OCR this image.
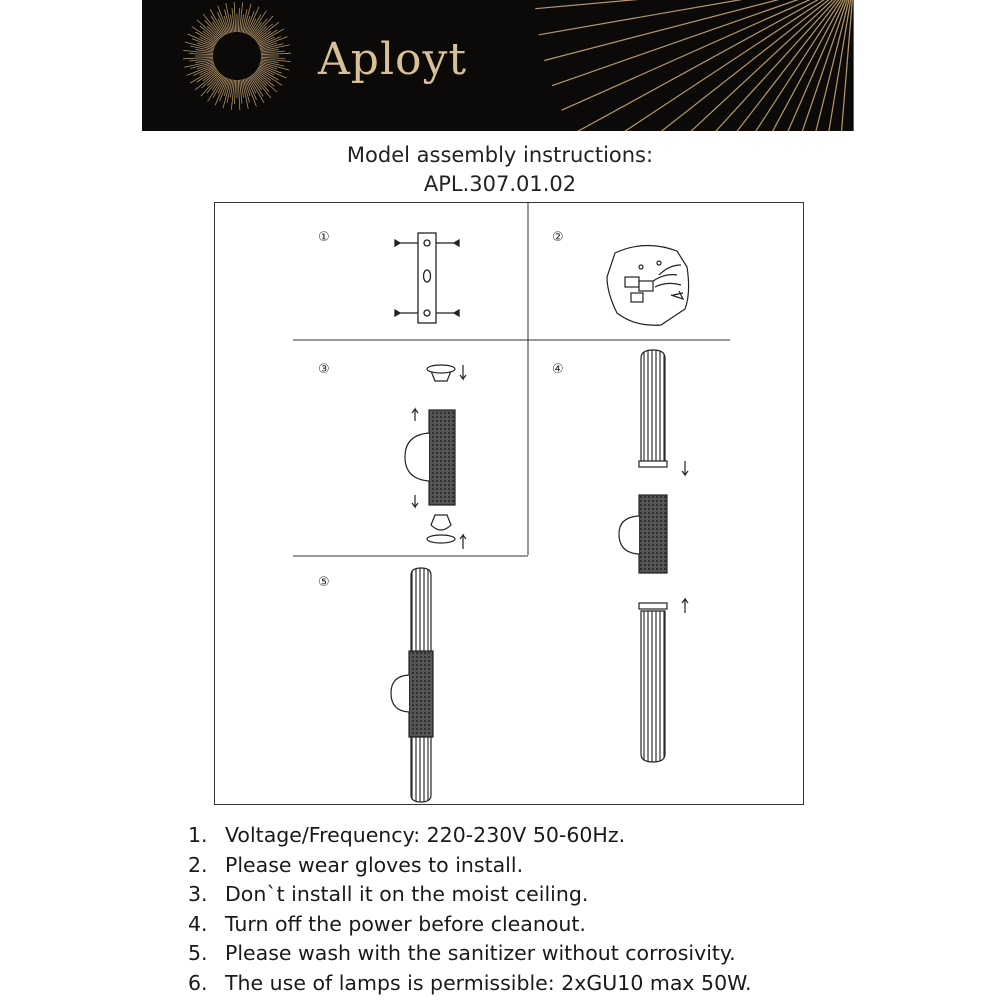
Aployt
Model assembly instructions:
APL.307.01.02
①	②
③	④
⑤
1. Voltage/Frequency: 220-230V 50-60Hz.
2. Please wear gloves to install.
3. Don`t install it on the moist ceiling.
4. Turn off the power before cleanout.
5. Please wash with the sanitizer without corrosivity.
6. The use of lamps is permissible: 2xGU10 max 50W.
